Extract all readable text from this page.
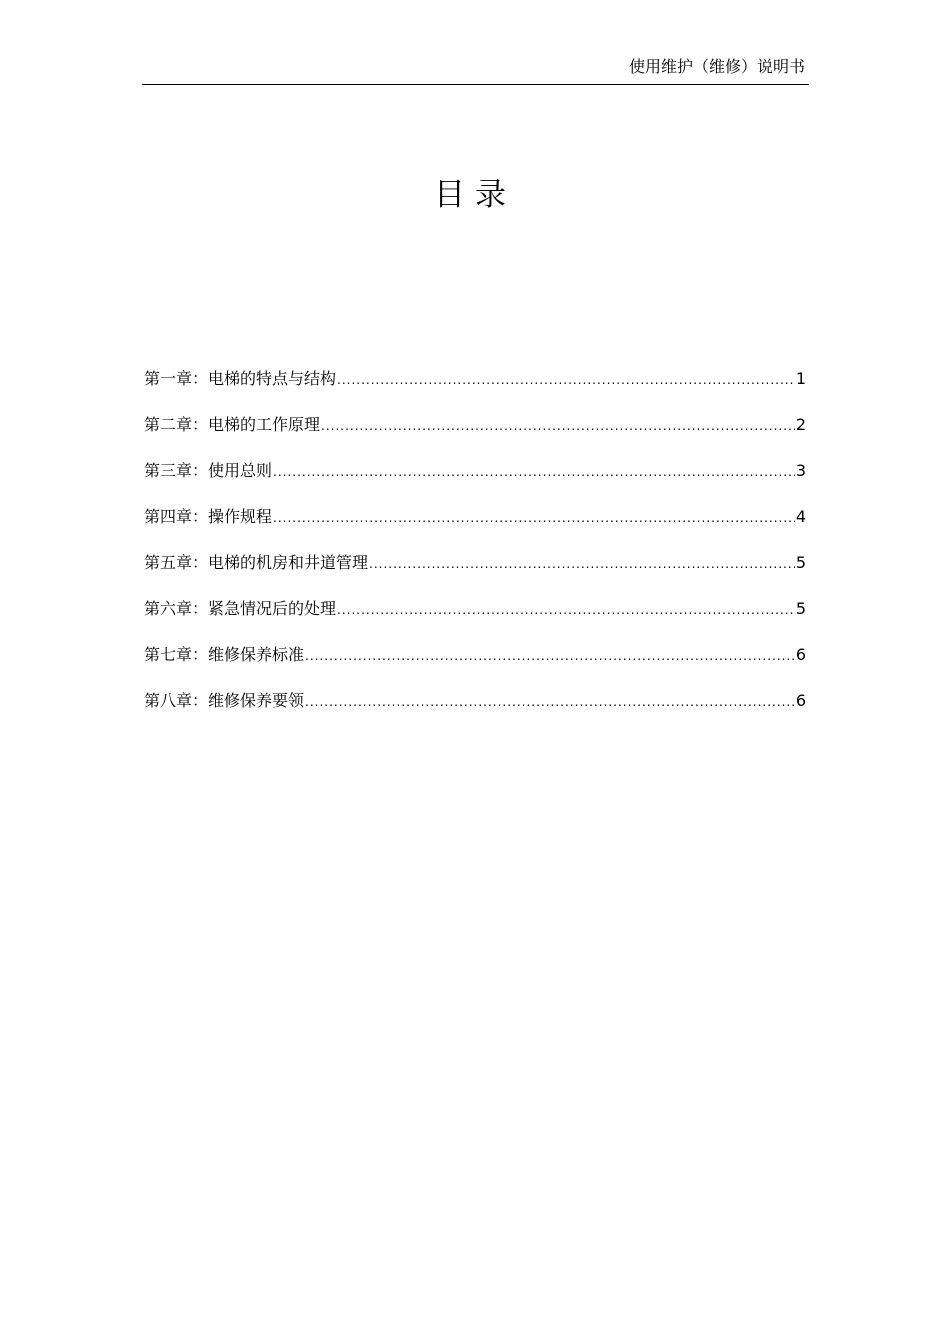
使用维护（维修）说明书
目录
第一章：电梯的特点与结构 .....	1
第二章：电梯的工作原理 .....	2
第三章：使用总则 .....	3
第四章：操作规程 .....	4
第五章：电梯的机房和井道管理 .....	5
第六章：紧急情况后的处理 .....	5
第七章：维修保养标准 .....	6
第八章：维修保养要领 .....	6
